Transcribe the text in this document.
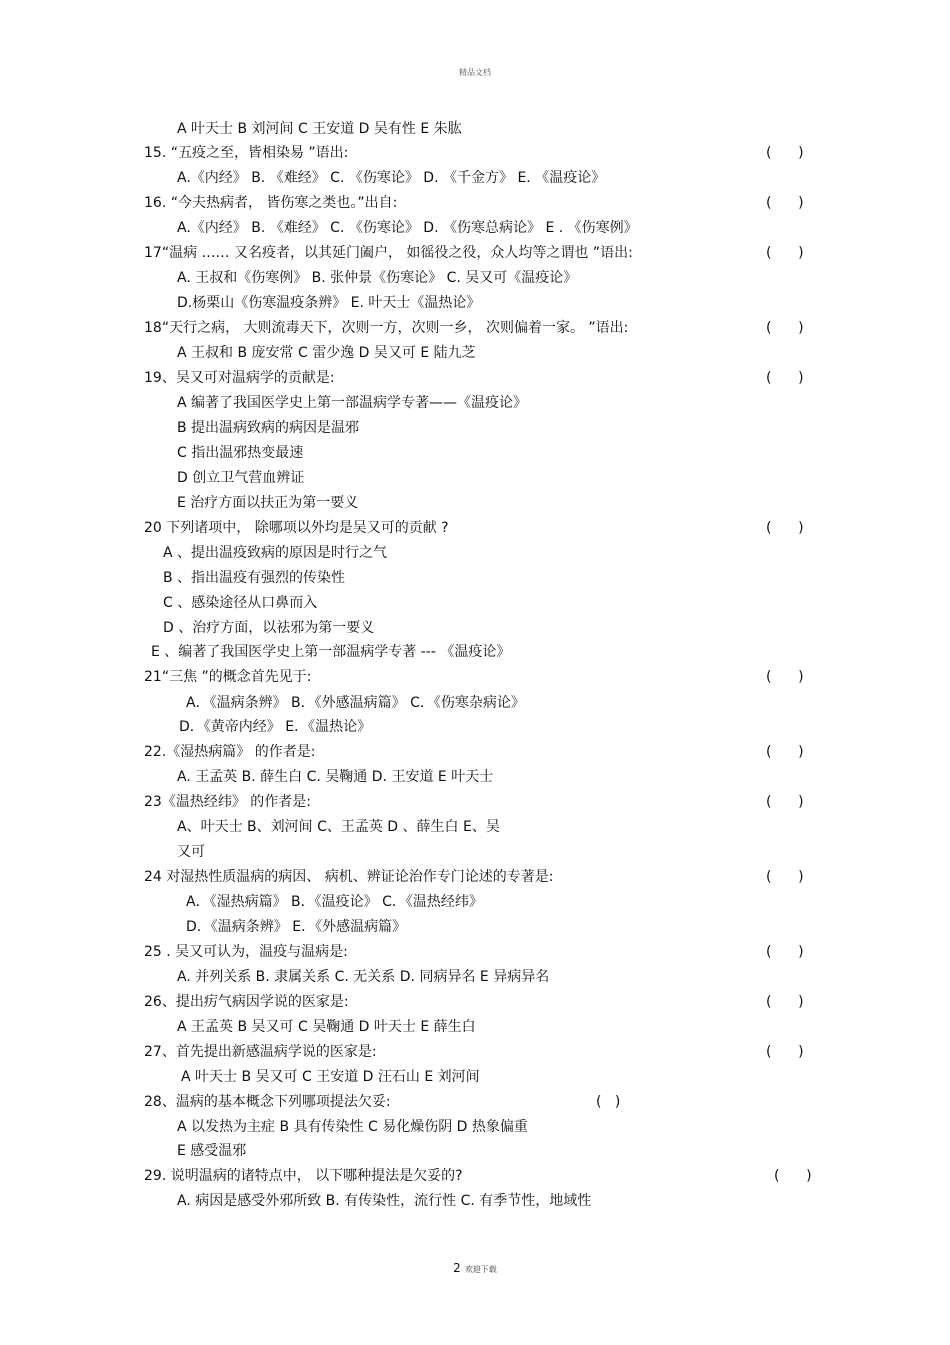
精品文档
A 叶天士 B 刘河间 C 王安道 D 吴有性 E 朱肱
15. “五疫之至，皆相染易 ”语出:	(      )
A.《内经》 B. 《难经》 C. 《伤寒论》 D. 《千金方》 E. 《温疫论》
16. “今夫热病者， 皆伤寒之类也。”出自:	(      )
A.《内经》 B. 《难经》 C. 《伤寒论》 D. 《伤寒总病论》 E . 《伤寒例》
17“温病 …… 又名疫者，以其延门阖户， 如徭役之役，众人均等之谓也 ”语出:	(      )
A. 王叔和《伤寒例》 B. 张仲景《伤寒论》 C. 吴又可《温疫论》
D.杨栗山《伤寒温疫条辨》 E. 叶天士《温热论》
18“天行之病， 大则流毒天下，次则一方，次则一乡， 次则偏着一家。 ”语出:	(      )
A 王叔和 B 庞安常 C 雷少逸 D 吴又可 E 陆九芝
19、吴又可对温病学的贡献是:	(      )
A 编著了我国医学史上第一部温病学专著——《温疫论》
B 提出温病致病的病因是温邪
C 指出温邪热变最速
D 创立卫气营血辨证
E 治疗方面以扶正为第一要义
20 下列诸项中， 除哪项以外均是吴又可的贡献 ?	(      )
A 、提出温疫致病的原因是时行之气
B 、指出温疫有强烈的传染性
C 、感染途径从口鼻而入
D 、治疗方面，以祛邪为第一要义
E 、编著了我国医学史上第一部温病学专著 --- 《温疫论》
21“三焦 ”的概念首先见于:	(      )
A．《温病条辨》 B．《外感温病篇》 C．《伤寒杂病论》
D．《黄帝内经》 E．《温热论》
22.《湿热病篇》 的作者是:	(      )
A. 王孟英 B. 薛生白 C. 吴鞠通 D. 王安道 E 叶天士
23《温热经纬》 的作者是:	(      )
A、叶天士 B、刘河间 C、王孟英 D 、薛生白 E、吴
又可
24 对湿热性质温病的病因、 病机、辨证论治作专门论述的专著是:	(      )
A．《湿热病篇》 B．《温疫论》 C．《温热经纬》
D．《温病条辨》 E．《外感温病篇》
25 . 吴又可认为，温疫与温病是:	(      )
A. 并列关系 B. 隶属关系 C. 无关系 D. 同病异名 E 异病异名
26、提出疠气病因学说的医家是:	(      )
A 王孟英 B 吴又可 C 吴鞠通 D 叶天士 E 薛生白
27、首先提出新感温病学说的医家是:	(      )
A 叶天士 B 吴又可 C 王安道 D 汪石山 E 刘河间
28、温病的基本概念下列哪项提法欠妥:	(   )
A 以发热为主症 B 具有传染性 C 易化燥伤阴 D 热象偏重
E 感受温邪
29. 说明温病的诸特点中， 以下哪种提法是欠妥的?	(      )
A. 病因是感受外邪所致 B. 有传染性，流行性 C. 有季节性，地域性
2 欢迎下载
